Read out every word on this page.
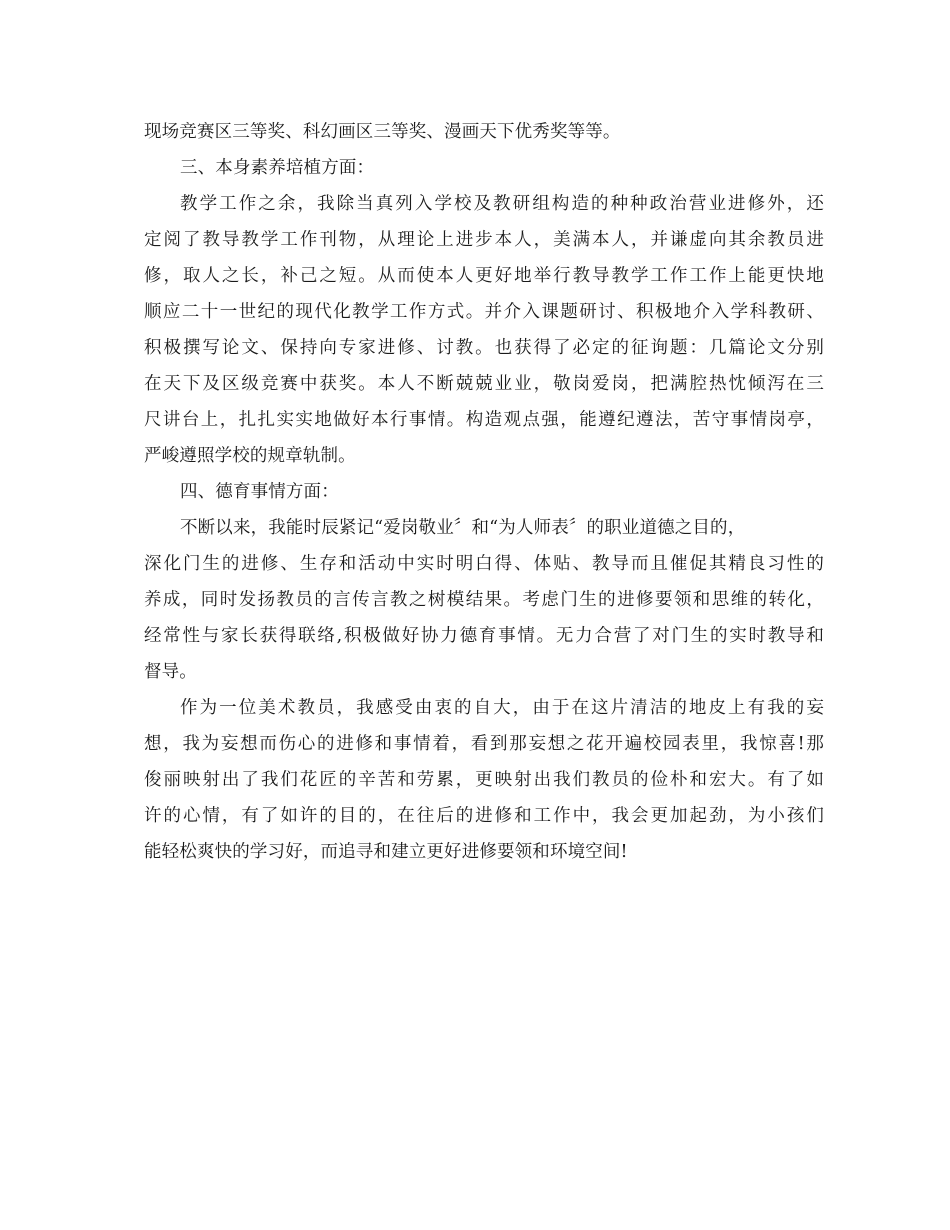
现场竞赛区三等奖、科幻画区三等奖、漫画天下优秀奖等等。
三、本身素养培植方面：
教学工作之余，我除当真列入学校及教研组构造的种种政治营业进修外，还
定阅了教导教学工作刊物，从理论上进步本人，美满本人，并谦虚向其余教员进
修，取人之长，补己之短。从而使本人更好地举行教导教学工作工作上能更快地
顺应二十一世纪的现代化教学工作方式。并介入课题研讨、积极地介入学科教研、
积极撰写论文、保持向专家进修、讨教。也获得了必定的征询题：几篇论文分别
在天下及区级竞赛中获奖。本人不断兢兢业业，敬岗爱岗，把满腔热忱倾泻在三
尺讲台上，扎扎实实地做好本行事情。构造观点强，能遵纪遵法，苦守事情岗亭，
严峻遵照学校的规章轨制。
四、德育事情方面：
不断以来，我能时辰紧记“爱岗敬业〞和“为人师表〞的职业道德之目的，
深化门生的进修、生存和活动中实时明白得、体贴、教导而且催促其精良习性的
养成，同时发扬教员的言传言教之树模结果。考虑门生的进修要领和思维的转化，
经常性与家长获得联络,积极做好协力德育事情。无力合营了对门生的实时教导和
督导。
作为一位美术教员，我感受由衷的自大，由于在这片清洁的地皮上有我的妄
想，我为妄想而伤心的进修和事情着，看到那妄想之花开遍校园表里，我惊喜!那
俊丽映射出了我们花匠的辛苦和劳累，更映射出我们教员的俭朴和宏大。有了如
许的心情，有了如许的目的，在往后的进修和工作中，我会更加起劲，为小孩们
能轻松爽快的学习好，而追寻和建立更好进修要领和环境空间!
